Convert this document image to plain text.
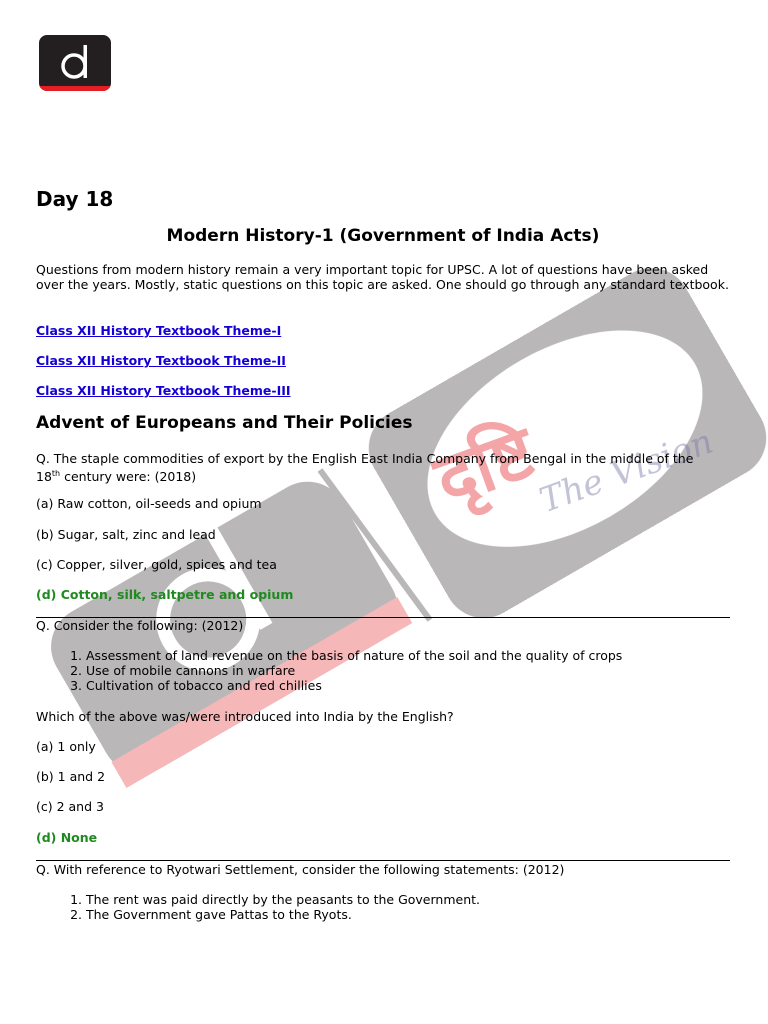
दृष्टि
The Vision
Day 18
Modern History-1 (Government of India Acts)
Questions from modern history remain a very important topic for UPSC. A lot of questions have been asked over the years. Mostly, static questions on this topic are asked. One should go through any standard textbook.
Class XII History Textbook Theme-I
Class XII History Textbook Theme-II
Class XII History Textbook Theme-III
Advent of Europeans and Their Policies
Q. The staple commodities of export by the English East India Company from Bengal in the middle of the
18th century were: (2018)
(a) Raw cotton, oil-seeds and opium
(b) Sugar, salt, zinc and lead
(c) Copper, silver, gold, spices and tea
(d) Cotton, silk, saltpetre and opium
Q. Consider the following: (2012)
1. Assessment of land revenue on the basis of nature of the soil and the quality of crops
2. Use of mobile cannons in warfare
3. Cultivation of tobacco and red chillies
Which of the above was/were introduced into India by the English?
(a) 1 only
(b) 1 and 2
(c) 2 and 3
(d) None
Q. With reference to Ryotwari Settlement, consider the following statements: (2012)
1. The rent was paid directly by the peasants to the Government.
2. The Government gave Pattas to the Ryots.
